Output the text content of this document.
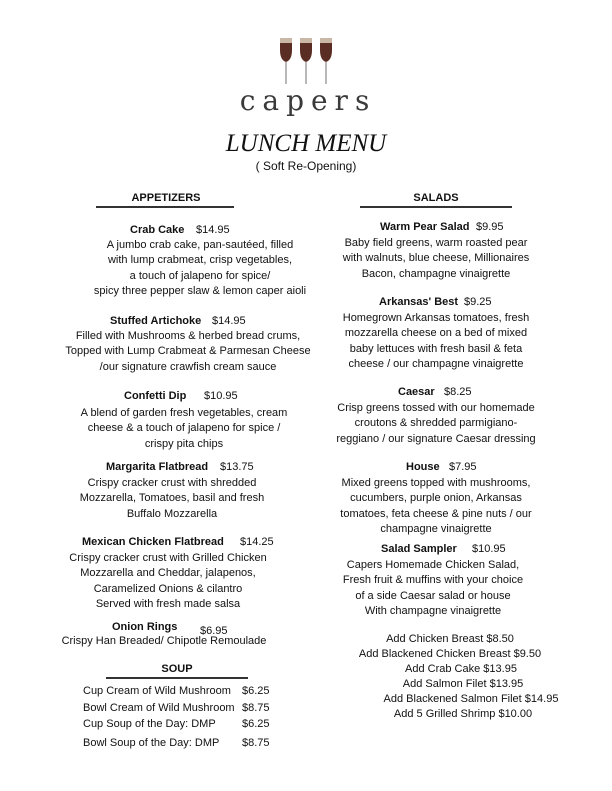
capers
LUNCH MENU
( Soft Re-Opening)
APPETIZERS
Crab Cake $14.95
A jumbo crab cake, pan-sautéed, filled
with lump crabmeat, crisp vegetables,
a touch of jalapeno for spice/
spicy three pepper slaw & lemon caper aioli
Stuffed Artichoke $14.95
Filled with Mushrooms & herbed bread crums,
Topped with Lump Crabmeat & Parmesan Cheese
/our signature crawfish cream sauce
Confetti Dip $10.95
A blend of garden fresh vegetables, cream
cheese & a touch of jalapeno for spice /
crispy pita chips
Margarita Flatbread $13.75
Crispy cracker crust with shredded
Mozzarella, Tomatoes, basil and fresh
Buffalo Mozzarella
Mexican Chicken Flatbread $14.25
Crispy cracker crust with Grilled Chicken
Mozzarella and Cheddar, jalapenos,
Caramelized Onions & cilantro
Served with fresh made salsa
Onion Rings $6.95
Crispy Han Breaded/ Chipotle Remoulade
SOUP
Cup Cream of Wild Mushroom $6.25
Bowl Cream of Wild Mushroom $8.75
Cup Soup of the Day: DMP $6.25
Bowl Soup of the Day: DMP $8.75
SALADS
Warm Pear Salad $9.95
Baby field greens, warm roasted pear
with walnuts, blue cheese, Millionaires
Bacon, champagne vinaigrette
Arkansas' Best $9.25
Homegrown Arkansas tomatoes, fresh
mozzarella cheese on a bed of mixed
baby lettuces with fresh basil & feta
cheese / our champagne vinaigrette
Caesar $8.25
Crisp greens tossed with our homemade
croutons & shredded parmigiano-
reggiano / our signature Caesar dressing
House $7.95
Mixed greens topped with mushrooms,
cucumbers, purple onion, Arkansas
tomatoes, feta cheese & pine nuts / our
champagne vinaigrette
Salad Sampler $10.95
Capers Homemade Chicken Salad,
Fresh fruit & muffins with your choice
of a side Caesar salad or house
With champagne vinaigrette
Add Chicken Breast $8.50
Add Blackened Chicken Breast $9.50
Add Crab Cake $13.95
Add Salmon Filet $13.95
Add Blackened Salmon Filet $14.95
Add 5 Grilled Shrimp $10.00
